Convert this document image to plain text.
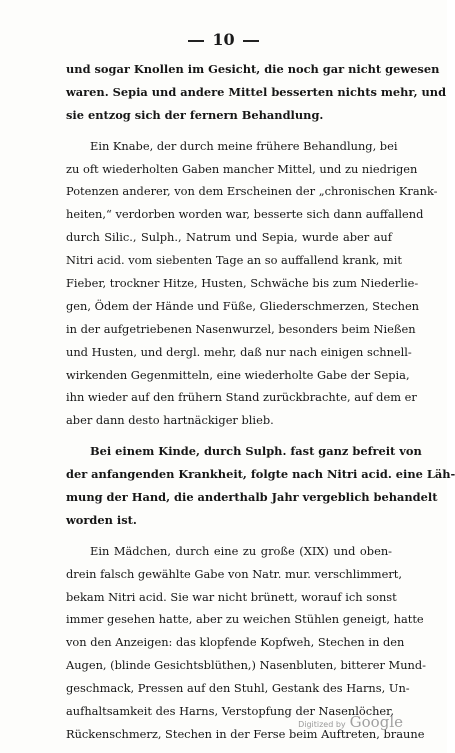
10
und sogar Knollen im Gesicht, die noch gar nicht gewesen
waren. Sepia und andere Mittel besserten nichts mehr, und
sie entzog sich der fernern Behandlung.
Ein Knabe, der durch meine frühere Behandlung, bei
zu oft wiederholten Gaben mancher Mittel, und zu niedrigen
Potenzen anderer, von dem Erscheinen der „chronischen Krank-
heiten,“ verdorben worden war, besserte sich dann auffallend
durch Silic., Sulph., Natrum und Sepia, wurde aber auf
Nitri acid. vom siebenten Tage an so auffallend krank, mit
Fieber, trockner Hitze, Husten, Schwäche bis zum Niederlie-
gen, Ödem der Hände und Füße, Gliederschmerzen, Stechen
in der aufgetriebenen Nasenwurzel, besonders beim Nießen
und Husten, und dergl. mehr, daß nur nach einigen schnell-
wirkenden Gegenmitteln, eine wiederholte Gabe der Sepia,
ihn wieder auf den frühern Stand zurückbrachte, auf dem er
aber dann desto hartnäckiger blieb.
Bei einem Kinde, durch Sulph. fast ganz befreit von
der anfangenden Krankheit, folgte nach Nitri acid. eine Läh-
mung der Hand, die anderthalb Jahr vergeblich behandelt
worden ist.
Ein Mädchen, durch eine zu große (XIX) und oben-
drein falsch gewählte Gabe von Natr. mur. verschlimmert,
bekam Nitri acid. Sie war nicht brünett, worauf ich sonst
immer gesehen hatte, aber zu weichen Stühlen geneigt, hatte
von den Anzeigen: das klopfende Kopfweh, Stechen in den
Augen, (blinde Gesichtsblüthen,) Nasenbluten, bitterer Mund-
geschmack, Pressen auf den Stuhl, Gestank des Harns, Un-
aufhaltsamkeit des Harns, Verstopfung der Nasenlöcher,
Rückenschmerz, Stechen in der Ferse beim Auftreten, braune
Digitized by Google
